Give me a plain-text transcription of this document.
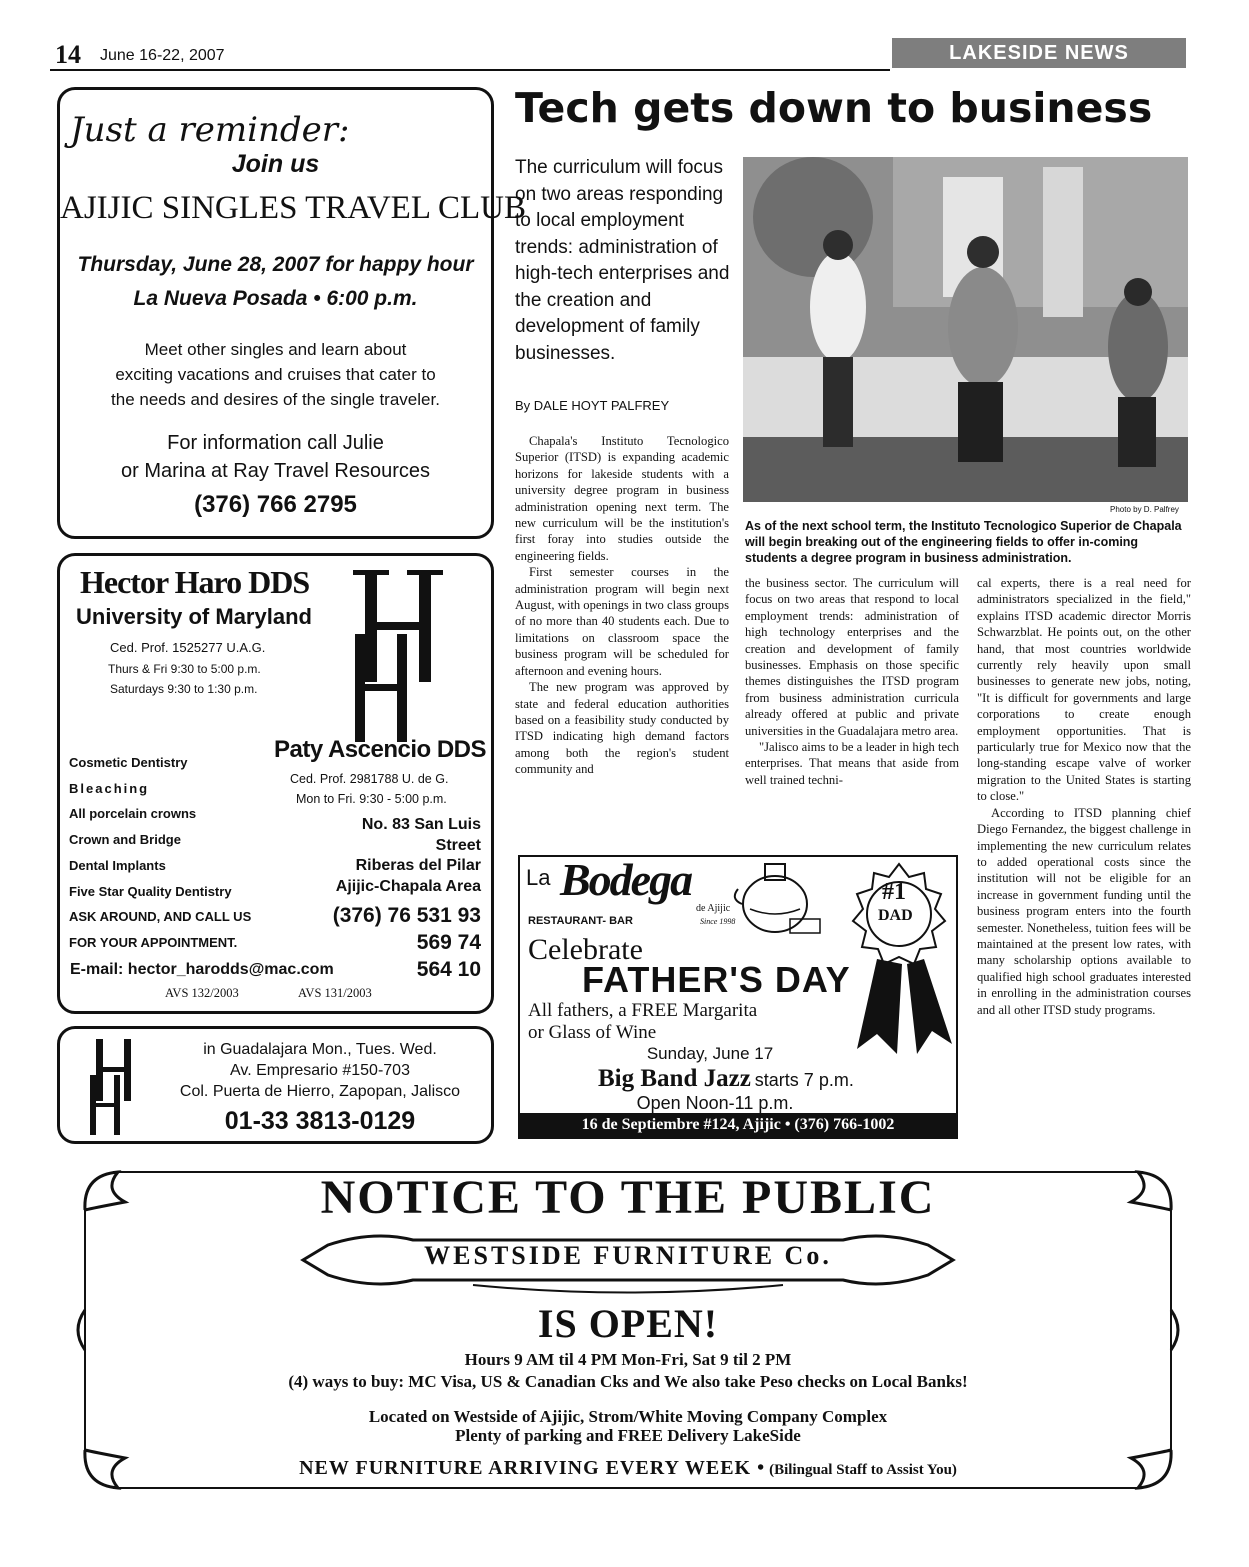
14 June 16-22, 2007	LAKESIDE NEWS
Just a reminder:
Join us
AJIJIC SINGLES TRAVEL CLUB
Thursday, June 28, 2007 for happy hour
La Nueva Posada • 6:00 p.m.
Meet other singles and learn about
exciting vacations and cruises that cater to
the needs and desires of the single traveler.
For information call Julie
or Marina at Ray Travel Resources
(376) 766 2795
Hector Haro DDS
University of Maryland
Ced. Prof. 1525277 U.A.G.
Thurs & Fri 9:30 to 5:00 p.m.
Saturdays 9:30 to 1:30 p.m.
Paty Ascencio DDS
Ced. Prof. 2981788 U. de G.
Mon to Fri. 9:30 - 5:00 p.m.
Cosmetic Dentistry
Bleaching
All porcelain crowns
Crown and Bridge
Dental Implants
Five Star Quality Dentistry
ASK AROUND, AND CALL US
FOR YOUR APPOINTMENT.
No. 83 San Luis
Street
Riberas del Pilar
Ajijic-Chapala Area
(376) 76 531 93
569 74
E-mail: hector_harodds@mac.com	564 10
AVS 132/2003	AVS 131/2003
in Guadalajara Mon., Tues. Wed.
Av. Empresario #150-703
Col. Puerta de Hierro, Zapopan, Jalisco
01-33 3813-0129
Tech gets down to business
The curriculum will focus on two areas responding to local employment trends: administration of high-tech enterprises and the creation and development of family businesses.
By DALE HOYT PALFREY
Photo by D. Palfrey
As of the next school term, the Instituto Tecnologico Superior de Chapala will begin breaking out of the engineering fields to offer in-coming students a degree program in business administration.

Chapala's Instituto Tecnologico Superior (ITSD) is expanding academic horizons for lakeside students with a university degree program in business administration opening next term. The new curriculum will be the institution's first foray into studies outside the engineering fields.

First semester courses in the administration program will begin next August, with openings in two class groups of no more than 40 students each. Due to limitations on classroom space the business program will be scheduled for afternoon and evening hours.

The new program was approved by state and federal education authorities based on a feasibility study conducted by ITSD indicating high demand factors among both the region's student community and

the business sector. The curriculum will focus on two areas that respond to local employment trends: administration of high technology enterprises and the creation and development of family businesses. Emphasis on those specific themes distinguishes the ITSD program from business administration curricula already offered at public and private universities in the Guadalajara metro area.

"Jalisco aims to be a leader in high tech enterprises. That means that aside from well trained techni-

cal experts, there is a real need for administrators specialized in the field," explains ITSD academic director Morris Schwarzblat. He points out, on the other hand, that most countries worldwide currently rely heavily upon small businesses to generate new jobs, noting, "It is difficult for governments and large corporations to create enough employment opportunities. That is particularly true for Mexico now that the long-standing escape valve of worker migration to the United States is starting to close."

According to ITSD planning chief Diego Fernandez, the biggest challenge in implementing the new curriculum relates to added operational costs since the institution will not be eligible for an increase in government funding until the business program enters into the fourth semester. Nonetheless, tuition fees will be maintained at the present low rates, with many scholarship options available to qualified high school graduates interested in enrolling in the administration courses and all other ITSD study programs.

La Bodega
RESTAURANT- BAR
de Ajijic
Since 1998
#1
DAD
Celebrate
FATHER'S DAY
All fathers, a FREE Margarita
or Glass of Wine
Sunday, June 17
Big Band Jazz starts 7 p.m.
Open Noon-11 p.m.
16 de Septiembre #124, Ajijic • (376) 766-1002
NOTICE TO THE PUBLIC
WESTSIDE FURNITURE Co.
IS OPEN!
Hours 9 AM til 4 PM Mon-Fri, Sat 9 til 2 PM
(4) ways to buy: MC Visa, US & Canadian Cks and We also take Peso checks on Local Banks!
Located on Westside of Ajijic, Strom/White Moving Company Complex
Plenty of parking and FREE Delivery LakeSide
NEW FURNITURE ARRIVING EVERY WEEK • (Bilingual Staff to Assist You)
